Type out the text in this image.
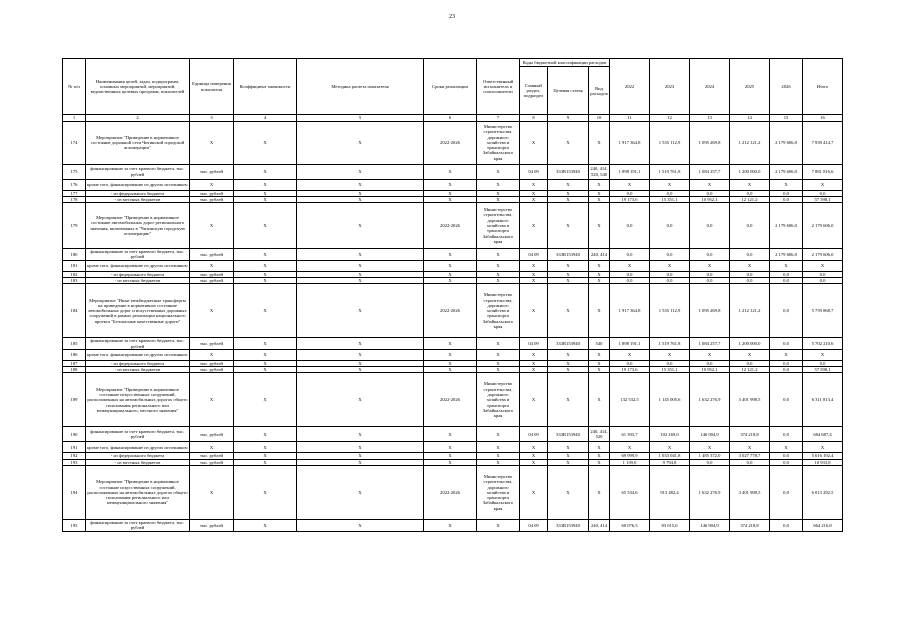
23
№ п/п	Наименования целей, задач, подпрограмм, основных мероприятий, мероприятий, ведомственных целевых программ, показателей	Единица измерения показателя	Коэффициент значимости	Методика расчета показателя	Сроки реализации	Ответственный исполнитель и соисполнители	Коды бюджетной классификации расходов			2022	2023	2024	2025	2026	Итого
							Главный раздел, подраздел	Целевая статья	Вид расходов						
1	2	3	4	5	6	7	8	9	10	11	12	13	14	15	16
174	Мероприятие "Приведение в нормативное состояние дорожной сети Читинской городской агломерации"	X	X	X	2022-2026	Министерство строительства, дорожного хозяйства и транспорта Забайкальского края	X	X	X	1 917 364,8	1 535 112,9	1 095 269,8	1 212 121,2	2 179 606,0	7 939 414,7
175	финансирование за счет краевого бюджета, тыс. рублей	тыс. рублей	X	X	X	X	04 09	333R153940	240, 414, 520, 540	1 898 191,1	1 519 761,8	1 084 257,7	1 200 000,0	2 179 606,0	7 881 816,6
176	кроме того, финансирование из других источников:	X	X	X	X	X	X	X	X	X	X	X	X	X	X
177	- из федерального бюджета	тыс. рублей	X	X	X	X	X	X	X	0,0	0,0	0,0	0,0	0,0	0,0
178	- из местных бюджетов	тыс. рублей	X	X	X	X	X	X	X	19 173,6	15 351,1	10 952,1	12 121,2	0,0	57 598,1
179	Мероприятие "Приведение в нормативное состояние автомобильных дорог регионального значения, включенных в "Читинскую городскую агломерацию"	X	X	X	2022-2026	Министерство строительства, дорожного хозяйства и транспорта Забайкальского края	X	X	X	0,0	0,0	0,0	0,0	2 179 606,0	2 179 606,0
180	финансирование за счет краевого бюджета, тыс. рублей	тыс. рублей	X	X	X	X	04 09	333R153940	240, 414	0,0	0,0	0,0	0,0	2 179 606,0	2 179 606,0
181	кроме того, финансирование из других источников:	X	X	X	X	X	X	X	X	X	X	X	X	X	X
182	- из федерального бюджета	тыс. рублей	X	X	X	X	X	X	X	0,0	0,0	0,0	0,0	0,0	0,0
183	- из местных бюджетов	тыс. рублей	X	X	X	X	X	X	X	0,0	0,0	0,0	0,0	0,0	0,0
184	Мероприятие "Иные межбюджетные трансферты на приведение в нормативное состояние автомобильных дорог и искусственных дорожных сооружений в рамках реализации национального проекта "Безопасные качественные дороги"	X	X	X	2022-2026	Министерство строительства, дорожного хозяйства и транспорта Забайкальского края	X	X	X	1 917 364,8	1 535 112,9	1 095 269,8	1 212 121,2	0,0	5 759 868,7
185	финансирование за счет краевого бюджета, тыс. рублей	тыс. рублей	X	X	X	X	04 09	333R153940	540	1 898 191,1	1 519 761,8	1 084 257,7	1 200 000,0	0,0	5 702 210,6
186	кроме того, финансирование из других источников:	X	X	X	X	X	X	X	X	X	X	X	X	X	X
187	- из федерального бюджета	тыс. рублей	X	X	X	X	X	X	X	0,0	0,0	0,0	0,0	0,0	0,0
188	- из местных бюджетов	тыс. рублей	X	X	X	X	X	X	X	19 173,6	15 351,1	10 952,1	12 121,2	0,0	57 598,1
189	Мероприятие "Приведение в нормативное состояние искусственных сооружений, расположенных на автомобильных дорогах общего пользования регионального или межмуниципального, местного значения"	X	X	X	2022-2026	Министерство строительства, дорожного хозяйства и транспорта Забайкальского края	X	X	X	132 532,5	1 145 005,6	1 632 276,9	3 401 998,5	0,0	6 311 813,4
190	финансирование за счет краевого бюджета, тыс. рублей	тыс. рублей	X	X	X	X	04 09	333R153940	240, 414, 520	61 393,7	102 169,0	146 904,9	374 218,8	0,0	684 687,4
191	кроме того, финансирование из других источников:	X	X	X	X	X	X	X	X	X	X	X	X	X	X
192	- из федерального бюджета	тыс. рублей	X	X	X	X	X	X	X	69 999,9	1 033 041,8	1 485 372,0	3 027 778,7	0,0	5 616 192,4
193	- из местных бюджетов	тыс. рублей	X	X	X	X	X	X	X	1 139,0	9 794,8	0,0	0,0	0,0	10 933,8
194	Мероприятие "Приведение в нормативное состояние искусственных сооружений, расположенных на автомобильных дорогах общего пользования регионального или межмуниципального значения"	X	X	X	2022-2026	Министерство строительства, дорожного хозяйства и транспорта Забайкальского края	X	X	X	65 534,6	913 482,4	1 632 276,9	3 401 998,5	0,0	6 013 292,5
195	финансирование за счет краевого бюджета, тыс. рублей	тыс. рублей	X	X	X	X	04 09	333R153940	240, 414	60 076,5	83 015,6	146 904,9	374 218,8	0,0	664 216,8
